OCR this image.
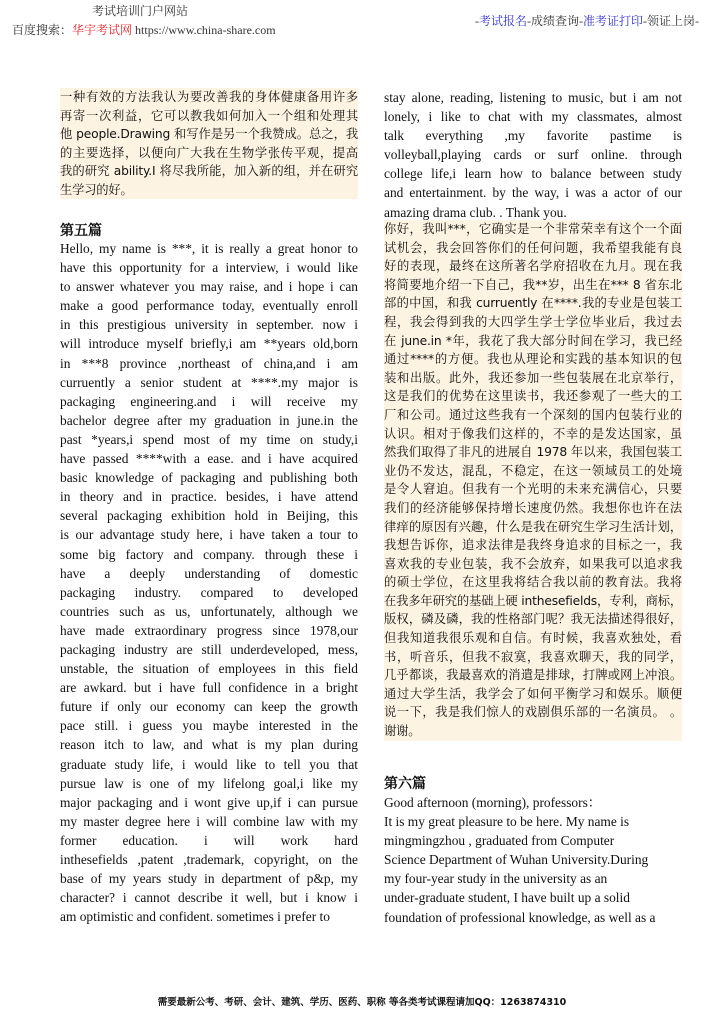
考试培训门户网站
百度搜索：华宇考试网 https://www.china-share.com
-考试报名-成绩查询-准考证打印-领证上岗-
一种有效的方法我认为要改善我的身体健康备用许多
再寄一次利益，它可以教我如何加入一个组和处理其
他 people.Drawing 和写作是另一个我赞成。总之，我
的主要选择，以便向广大我在生物学张传平观，提高
我的研究 ability.I 将尽我所能，加入新的组，并在研究
生学习的好。
第五篇
Hello, my name is ***, it is really a great honor to
have this opportunity for a interview, i would like
to answer whatever you may raise, and i hope i can
make a good performance today, eventually enroll
in this prestigious university in september. now i
will introduce myself briefly,i am **years old,born
in ***8 province ,northeast of china,and i am
curruently a senior student at ****.my major is
packaging engineering.and i will receive my
bachelor degree after my graduation in june.in the
past *years,i spend most of my time on study,i
have passed ****with a ease. and i have acquired
basic knowledge of packaging and publishing both
in theory and in practice. besides, i have attend
several packaging exhibition hold in Beijing, this
is our advantage study here, i have taken a tour to
some big factory and company. through these i
have a deeply understanding of domestic
packaging industry. compared to developed
countries such as us, unfortunately, although we
have made extraordinary progress since 1978,our
packaging industry are still underdeveloped, mess,
unstable, the situation of employees in this field
are awkard. but i have full confidence in a bright
future if only our economy can keep the growth
pace still. i guess you maybe interested in the
reason itch to law, and what is my plan during
graduate study life, i would like to tell you that
pursue law is one of my lifelong goal,i like my
major packaging and i wont give up,if i can pursue
my master degree here i will combine law with my
former education. i will work hard
inthesefields ,patent ,trademark, copyright, on the
base of my years study in department of p&p, my
character? i cannot describe it well, but i know i
am optimistic and confident. sometimes i prefer to
stay alone, reading, listening to music, but i am not
lonely, i like to chat with my classmates, almost
talk everything ,my favorite pastime is
volleyball,playing cards or surf online. through
college life,i learn how to balance between study
and entertainment. by the way, i was a actor of our
amazing drama club. . Thank you.
你好，我叫***，它确实是一个非常荣幸有这个一个面
试机会，我会回答你们的任何问题，我希望我能有良
好的表现，最终在这所著名学府招收在九月。现在我
将简要地介绍一下自己，我**岁，出生在*** 8 省东北
部的中国，和我 curruently 在****.我的专业是包装工
程，我会得到我的大四学生学士学位毕业后，我过去
在 june.in *年，我花了我大部分时间在学习，我已经
通过****的方便。我也从理论和实践的基本知识的包
装和出版。此外，我还参加一些包装展在北京举行，
这是我们的优势在这里读书，我还参观了一些大的工
厂和公司。通过这些我有一个深刻的国内包装行业的
认识。相对于像我们这样的，不幸的是发达国家，虽
然我们取得了非凡的进展自 1978 年以来，我国包装工
业仍不发达，混乱，不稳定，在这一领域员工的处境
是令人窘迫。但我有一个光明的未来充满信心，只要
我们的经济能够保持增长速度仍然。我想你也许在法
律痒的原因有兴趣，什么是我在研究生学习生活计划，
我想告诉你，追求法律是我终身追求的目标之一，我
喜欢我的专业包装，我不会放弃，如果我可以追求我
的硕士学位，在这里我将结合我以前的教育法。我将
在我多年研究的基础上硬 inthesefields，专利，商标，
版权，磷及磷，我的性格部门呢？我无法描述得很好，
但我知道我很乐观和自信。有时候，我喜欢独处，看
书，听音乐，但我不寂寞，我喜欢聊天，我的同学，
几乎都谈，我最喜欢的消遣是排球，打牌或网上冲浪。
通过大学生活，我学会了如何平衡学习和娱乐。顺便
说一下，我是我们惊人的戏剧俱乐部的一名演员。 。
谢谢。
第六篇
Good afternoon (morning), professors：
It is my great pleasure to be here. My name is
mingmingzhou , graduated from Computer
Science Department of Wuhan University.During
my four-year study in the university as an
under-graduate student, I have built up a solid
foundation of professional knowledge, as well as a
需要最新公考、考研、会计、建筑、学历、医药、职称 等各类考试课程请加QQ：1263874310
